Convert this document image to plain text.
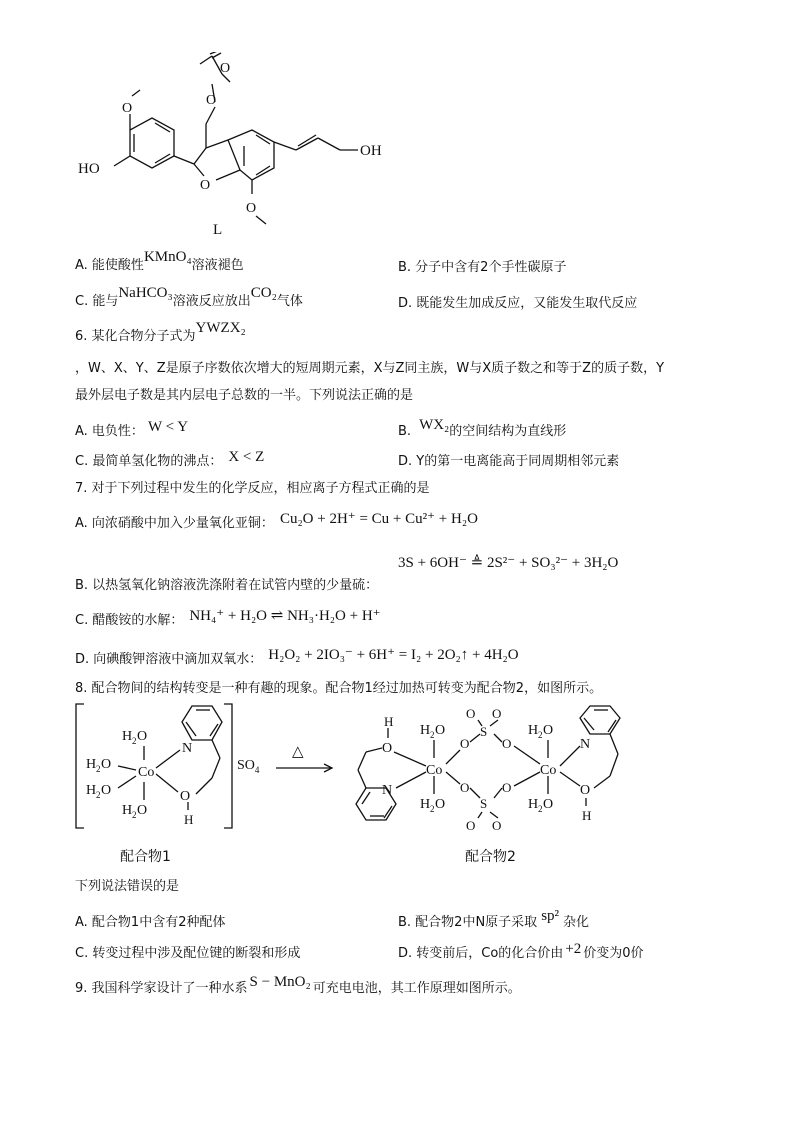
O
O
O
O
O
HO
OH
L
A. 能使酸性KMnO₄溶液褪色	B. 分子中含有2个手性碳原子
C. 能与NaHCO₃溶液反应放出CO₂气体	D. 既能发生加成反应，又能发生取代反应
6. 某化合物分子式为YWZX₂
，W、X、Y、Z是原子序数依次增大的短周期元素，X与Z同主族，W与X质子数之和等于Z的质子数，Y
最外层电子数是其内层电子总数的一半。下列说法正确的是
A. 电负性： W < Y	B. WX₂的空间结构为直线形
C. 最简单氢化物的沸点： X < Z	D. Y的第一电离能高于同周期相邻元素
7. 对于下列过程中发生的化学反应，相应离子方程式正确的是
A. 向浓硝酸中加入少量氧化亚铜： Cu₂O + 2H⁺ = Cu + Cu²⁺ + H₂O
3S + 6OH⁻ ≜ 2S²⁻ + SO₃²⁻ + 3H₂O
B. 以热氢氧化钠溶液洗涤附着在试管内壁的少量硫：
C. 醋酸铵的水解： NH₄⁺ + H₂O ⇌ NH₃·H₂O + H⁺
D. 向碘酸钾溶液中滴加双氧水： H₂O₂ + 2IO₃⁻ + 6H⁺ = I₂ + 2O₂↑ + 4H₂O
8. 配合物间的结构转变是一种有趣的现象。配合物1经过加热可转变为配合物2，如图所示。
H 2 O
H 2 O
Co
H 2 O
H 2 O
N
O
H
$SO_4$
△
N
O
H
Co
H 2 O
H 2 O
O
O
S
S
O O
O O
O
O
Co
H 2 O
H 2 O
N
O
H
配合物1	配合物2
下列说法错误的是
A. 配合物1中含有2种配体	B. 配合物2中N原子采取 sp² 杂化
C. 转变过程中涉及配位键的断裂和形成	D. 转变前后，Co的化合价由 +2 价变为0价
9. 我国科学家设计了一种水系 S − MnO₂ 可充电电池，其工作原理如图所示。
